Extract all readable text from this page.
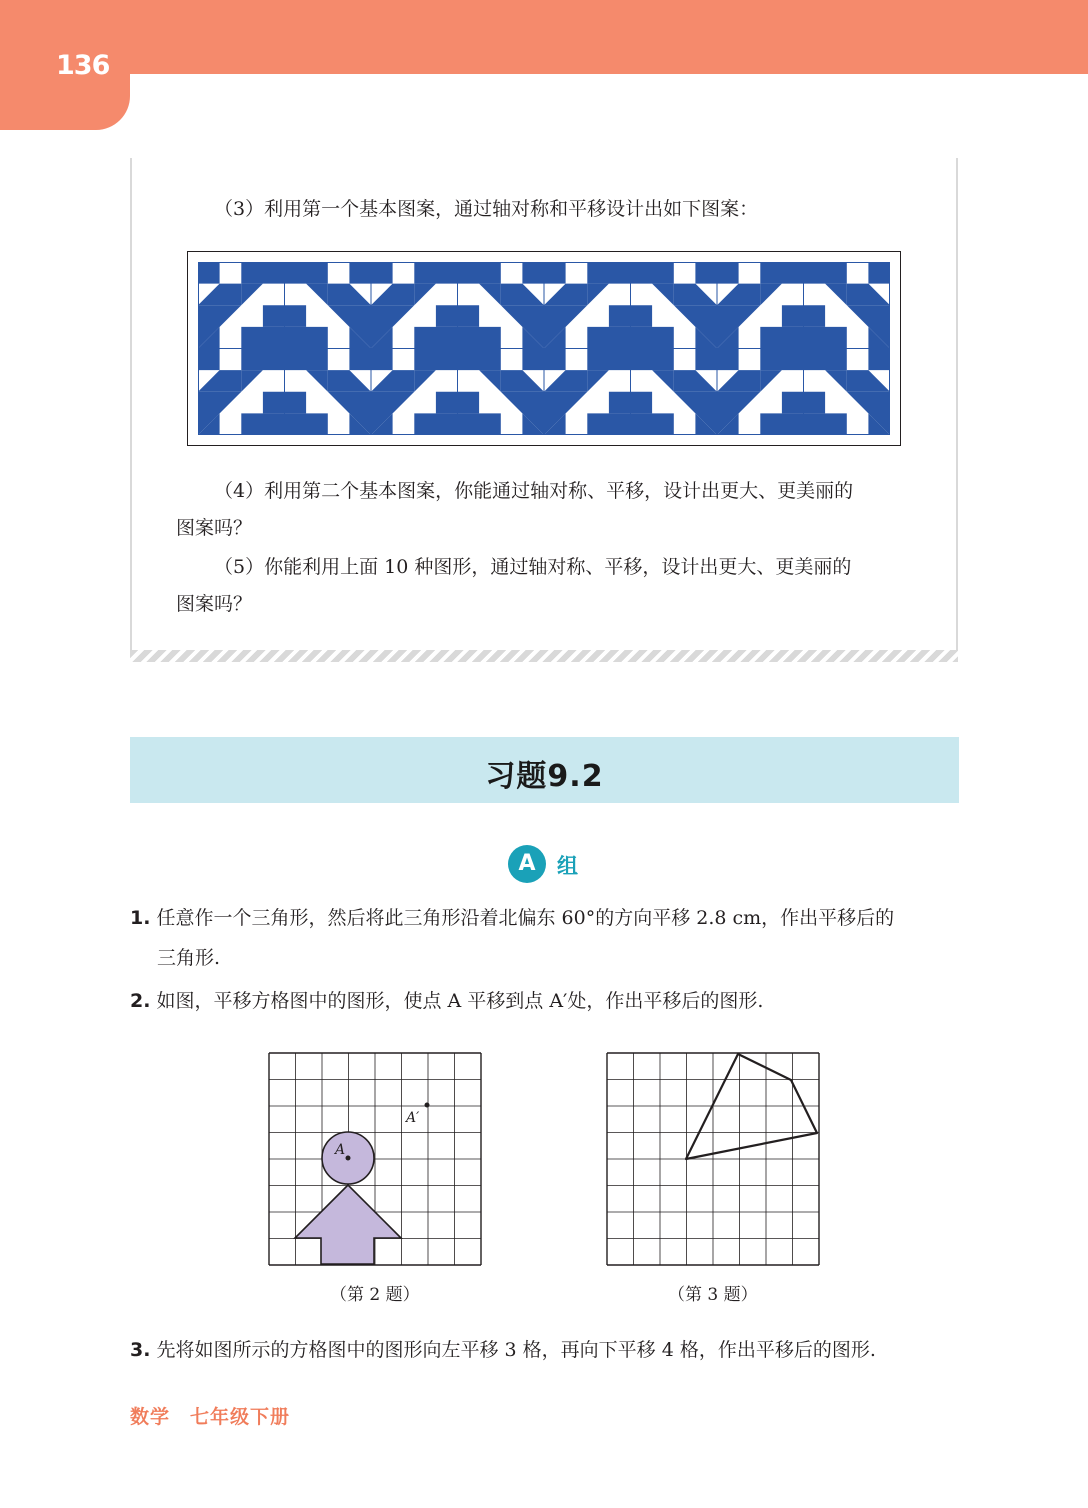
136
（3）利用第一个基本图案，通过轴对称和平移设计出如下图案：
（4）利用第二个基本图案，你能通过轴对称、平移，设计出更大、更美丽的
图案吗？
（5）你能利用上面 10 种图形，通过轴对称、平移，设计出更大、更美丽的
图案吗？
习题9.2
A	组
1. 任意作一个三角形，然后将此三角形沿着北偏东 60°的方向平移 2.8 cm，作出平移后的
三角形.
2. 如图，平移方格图中的图形，使点 A 平移到点 A′处，作出平移后的图形.
A
A′
（第 2 题）	（第 3 题）
3. 先将如图所示的方格图中的图形向左平移 3 格，再向下平移 4 格，作出平移后的图形.
数学　七年级下册
